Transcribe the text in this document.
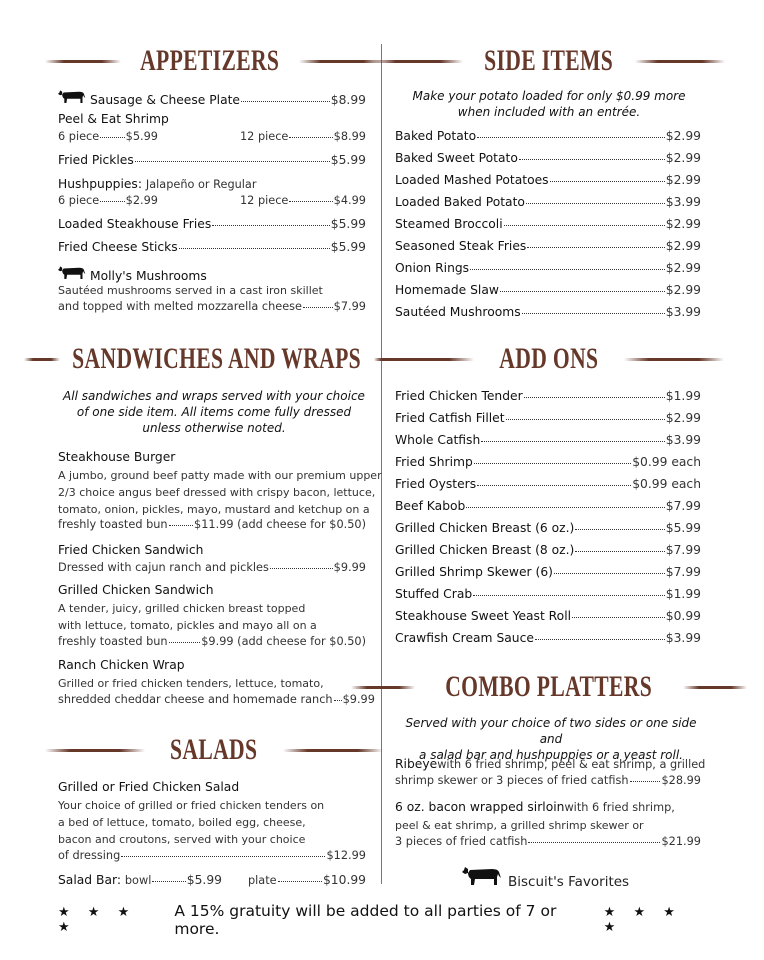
APPETIZERS
Sausage & Cheese Plate	$8.99
Peel & Eat Shrimp
6 piece $5.99	12 piece	$8.99
Fried Pickles	$5.99
Hushpuppies:
Jalapeño or Regular
6 piece $2.99	12 piece	$4.99
Loaded Steakhouse Fries	$5.99
Fried Cheese Sticks	$5.99
Molly's Mushrooms
Sautéed mushrooms served in a cast iron skillet
and topped with melted mozzarella cheese	$7.99
SANDWICHES AND WRAPS
All sandwiches and wraps served with your choice
of one side item. All items come fully dressed
unless otherwise noted.
Steakhouse Burger
A jumbo, ground beef patty made with our premium upper
2/3 choice angus beef dressed with crispy bacon, lettuce,
tomato, onion, pickles, mayo, mustard and ketchup on a
freshly toasted bun $11.99 (add cheese for $0.50)
Fried Chicken Sandwich
Dressed with cajun ranch and pickles	$9.99
Grilled Chicken Sandwich
A tender, juicy, grilled chicken breast topped
with lettuce, tomato, pickles and mayo all on a
freshly toasted bun	$9.99 (add cheese for $0.50)
Ranch Chicken Wrap
Grilled or fried chicken tenders, lettuce, tomato,
shredded cheddar cheese and homemade ranch $9.99
SALADS
Grilled or Fried Chicken Salad
Your choice of grilled or fried chicken tenders on
a bed of lettuce, tomato, boiled egg, cheese,
bacon and croutons, served with your choice
of dressing	$12.99
Salad Bar:
bowl	$5.99 plate	$10.99
SIDE ITEMS
Make your potato loaded for only $0.99 more
when included with an entrée.
Baked Potato	$2.99
Baked Sweet Potato	$2.99
Loaded Mashed Potatoes	$2.99
Loaded Baked Potato	$3.99
Steamed Broccoli	$2.99
Seasoned Steak Fries	$2.99
Onion Rings	$2.99
Homemade Slaw	$2.99
Sautéed Mushrooms	$3.99
ADD ONS
Fried Chicken Tender	$1.99
Fried Catfish Fillet	$2.99
Whole Catfish	$3.99
Fried Shrimp	$0.99 each
Fried Oysters	$0.99 each
Beef Kabob	$7.99
Grilled Chicken Breast (6 oz.)	$5.99
Grilled Chicken Breast (8 oz.)	$7.99
Grilled Shrimp Skewer (6)	$7.99
Stuffed Crab	$1.99
Steakhouse Sweet Yeast Roll	$0.99
Crawfish Cream Sauce	$3.99
COMBO PLATTERS
Served with your choice of two sides or one side and
a salad bar and hushpuppies or a yeast roll.
Ribeye with 6 fried shrimp, peel & eat shrimp, a grilled
shrimp skewer or 3 pieces of fried catfish	$28.99
6 oz. bacon wrapped sirloin with 6 fried shrimp,
peel & eat shrimp, a grilled shrimp skewer or
3 pieces of fried catfish	$21.99
Biscuit's Favorites
★ ★ ★ ★
A 15% gratuity will be added to all parties of 7 or more.
★ ★ ★ ★
